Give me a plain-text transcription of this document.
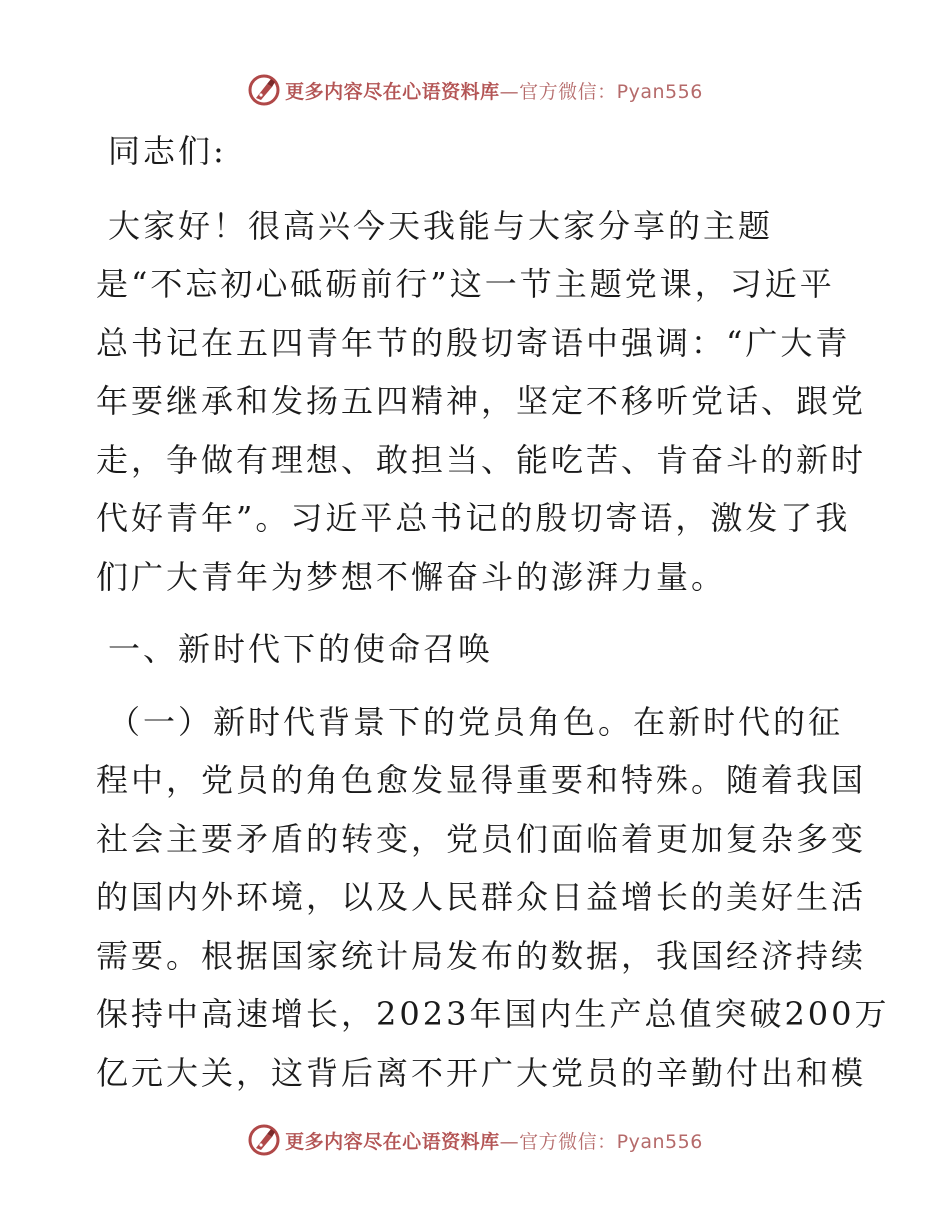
更多内容尽在心语资料库—官方微信：Pyan556
同志们:
大家好！很高兴今天我能与大家分享的主题
是“不忘初心砥砺前行”这一节主题党课，习近平
总书记在五四青年节的殷切寄语中强调：“广大青
年要继承和发扬五四精神，坚定不移听党话、跟党
走，争做有理想、敢担当、能吃苦、肯奋斗的新时
代好青年”。习近平总书记的殷切寄语，激发了我
们广大青年为梦想不懈奋斗的澎湃力量。
一、新时代下的使命召唤
（一）新时代背景下的党员角色。在新时代的征
程中，党员的角色愈发显得重要和特殊。随着我国
社会主要矛盾的转变，党员们面临着更加复杂多变
的国内外环境，以及人民群众日益增长的美好生活
需要。根据国家统计局发布的数据，我国经济持续
保持中高速增长，2023年国内生产总值突破200万
亿元大关，这背后离不开广大党员的辛勤付出和模
更多内容尽在心语资料库—官方微信：Pyan556
